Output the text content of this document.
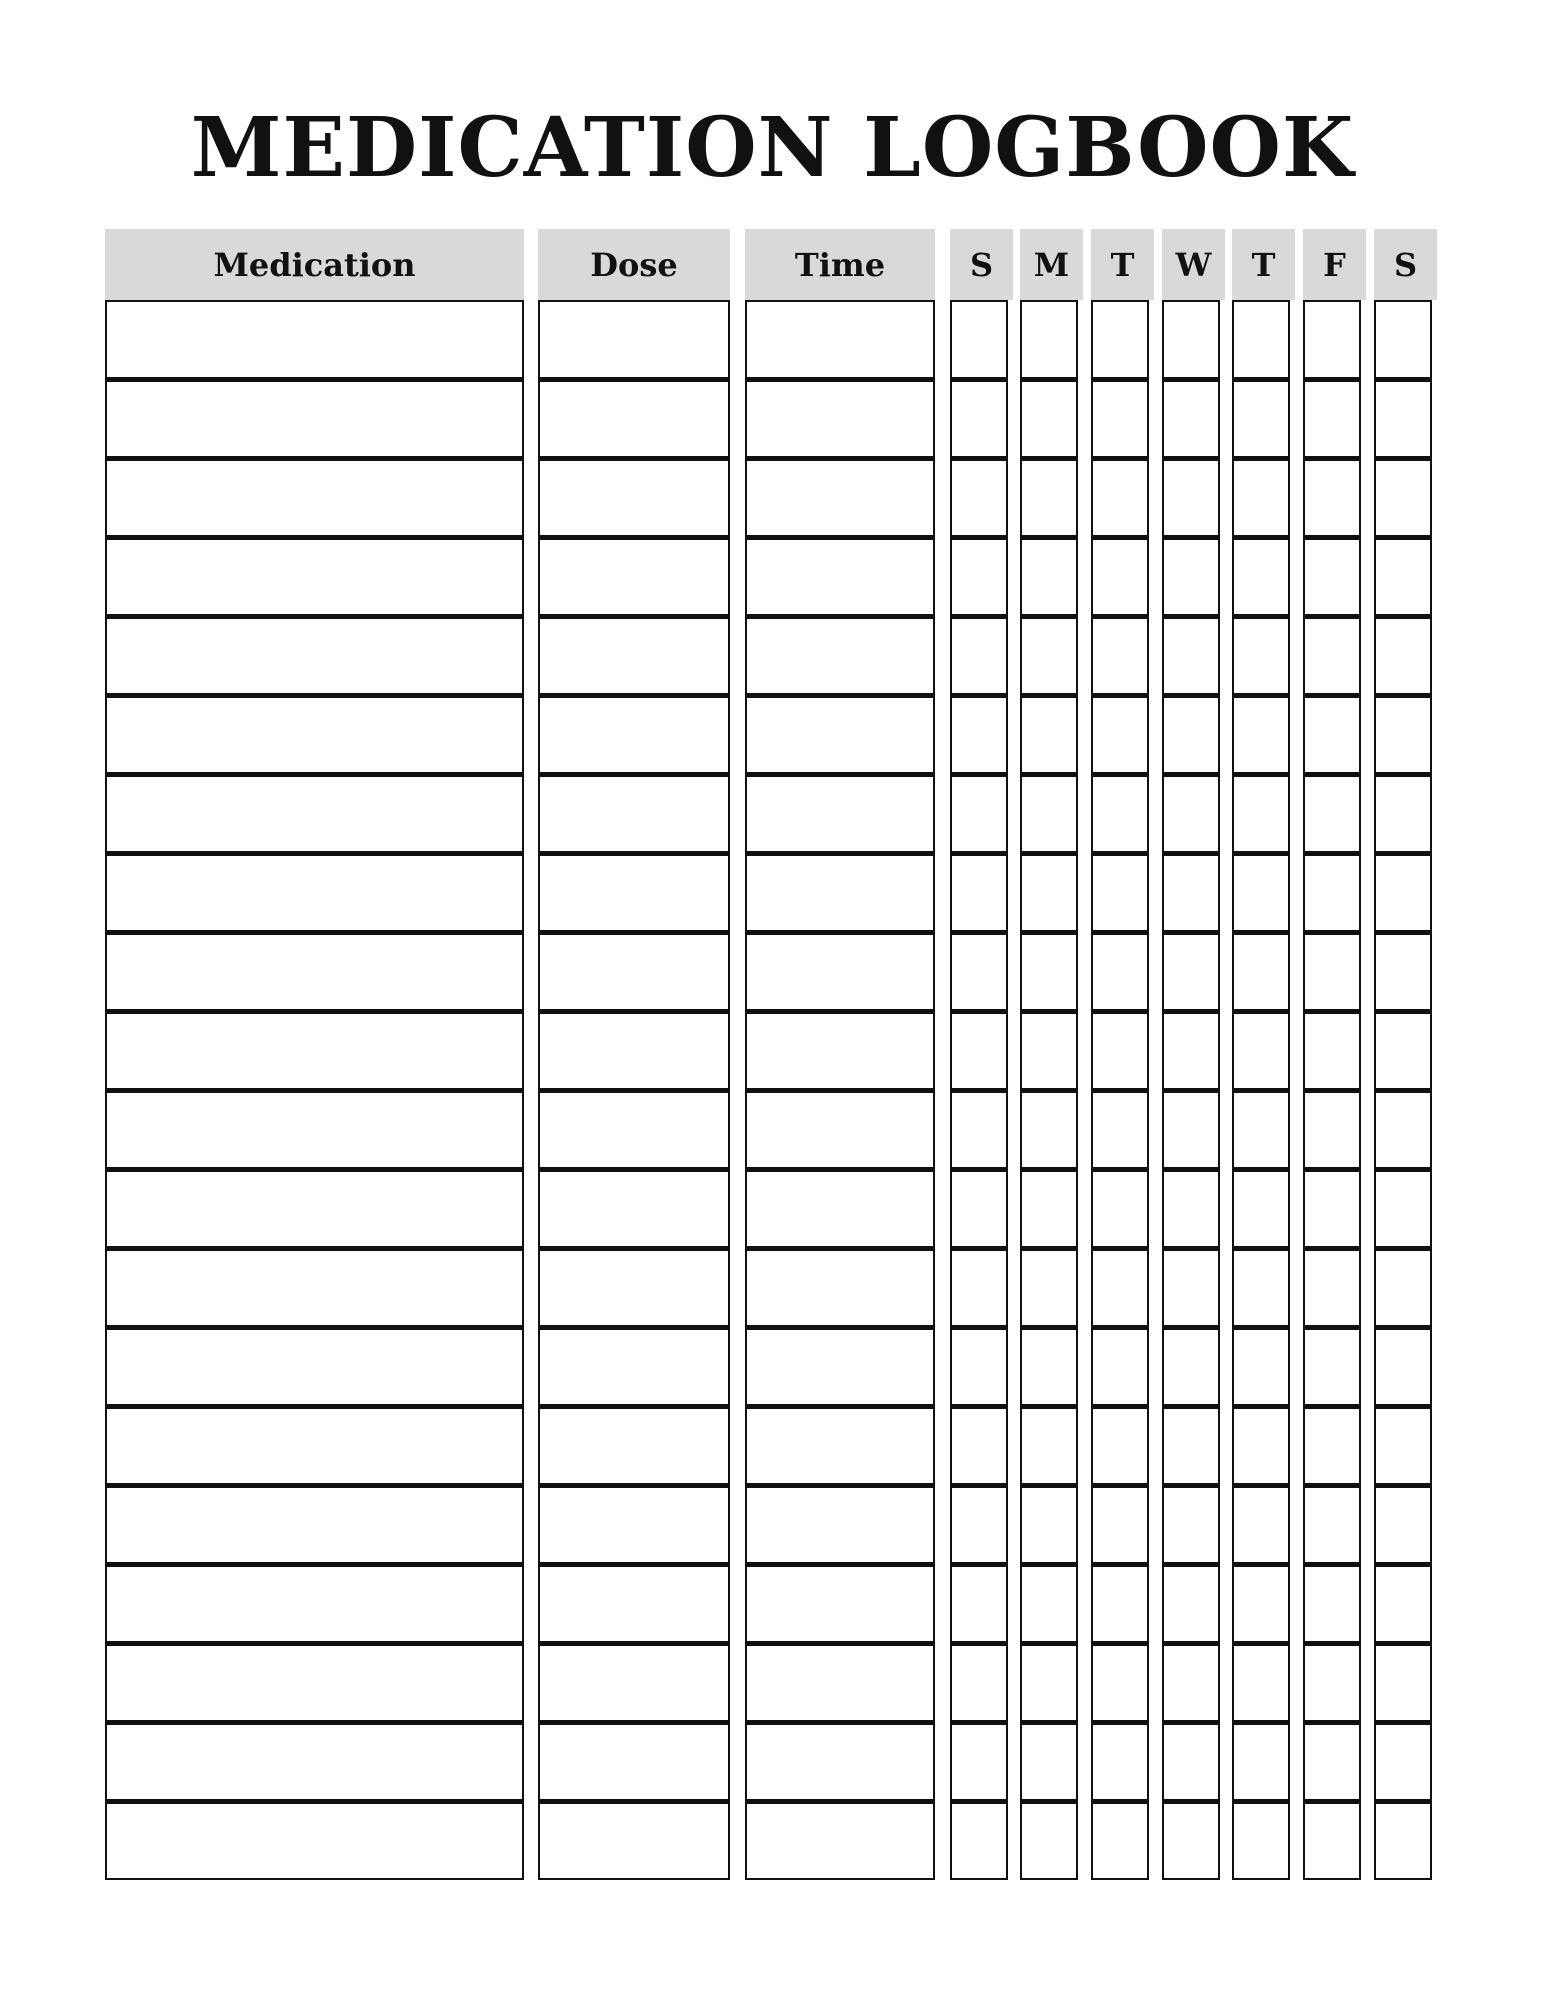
MEDICATION LOGBOOK
Medication	Dose	Time	S	M	T	W	T	F	S
